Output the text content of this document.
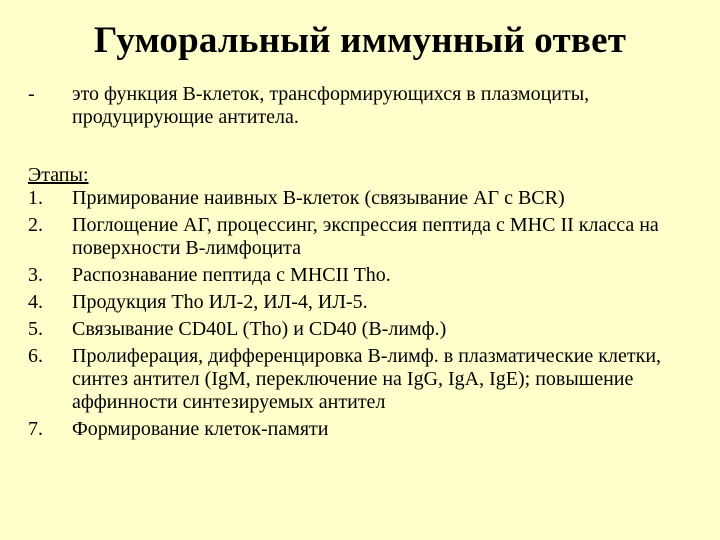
Гуморальный иммунный ответ
- это функция В-клеток, трансформирующихся в плазмоциты, продуцирующие антитела.
Этапы:
1. Примирование наивных В-клеток (связывание АГ с BCR)
2. Поглощение АГ, процессинг, экспрессия пептида с MHC II класса на поверхности В-лимфоцита
3. Распознавание пептида с MHCII Tho.
4. Продукция Tho ИЛ-2, ИЛ-4, ИЛ-5.
5. Связывание CD40L (Tho) и CD40 (В-лимф.)
6. Пролиферация, дифференцировка В-лимф. в плазматические клетки, синтез антител (IgM, переключение на IgG, IgA, IgE); повышение аффинности синтезируемых антител
7. Формирование клеток-памяти
